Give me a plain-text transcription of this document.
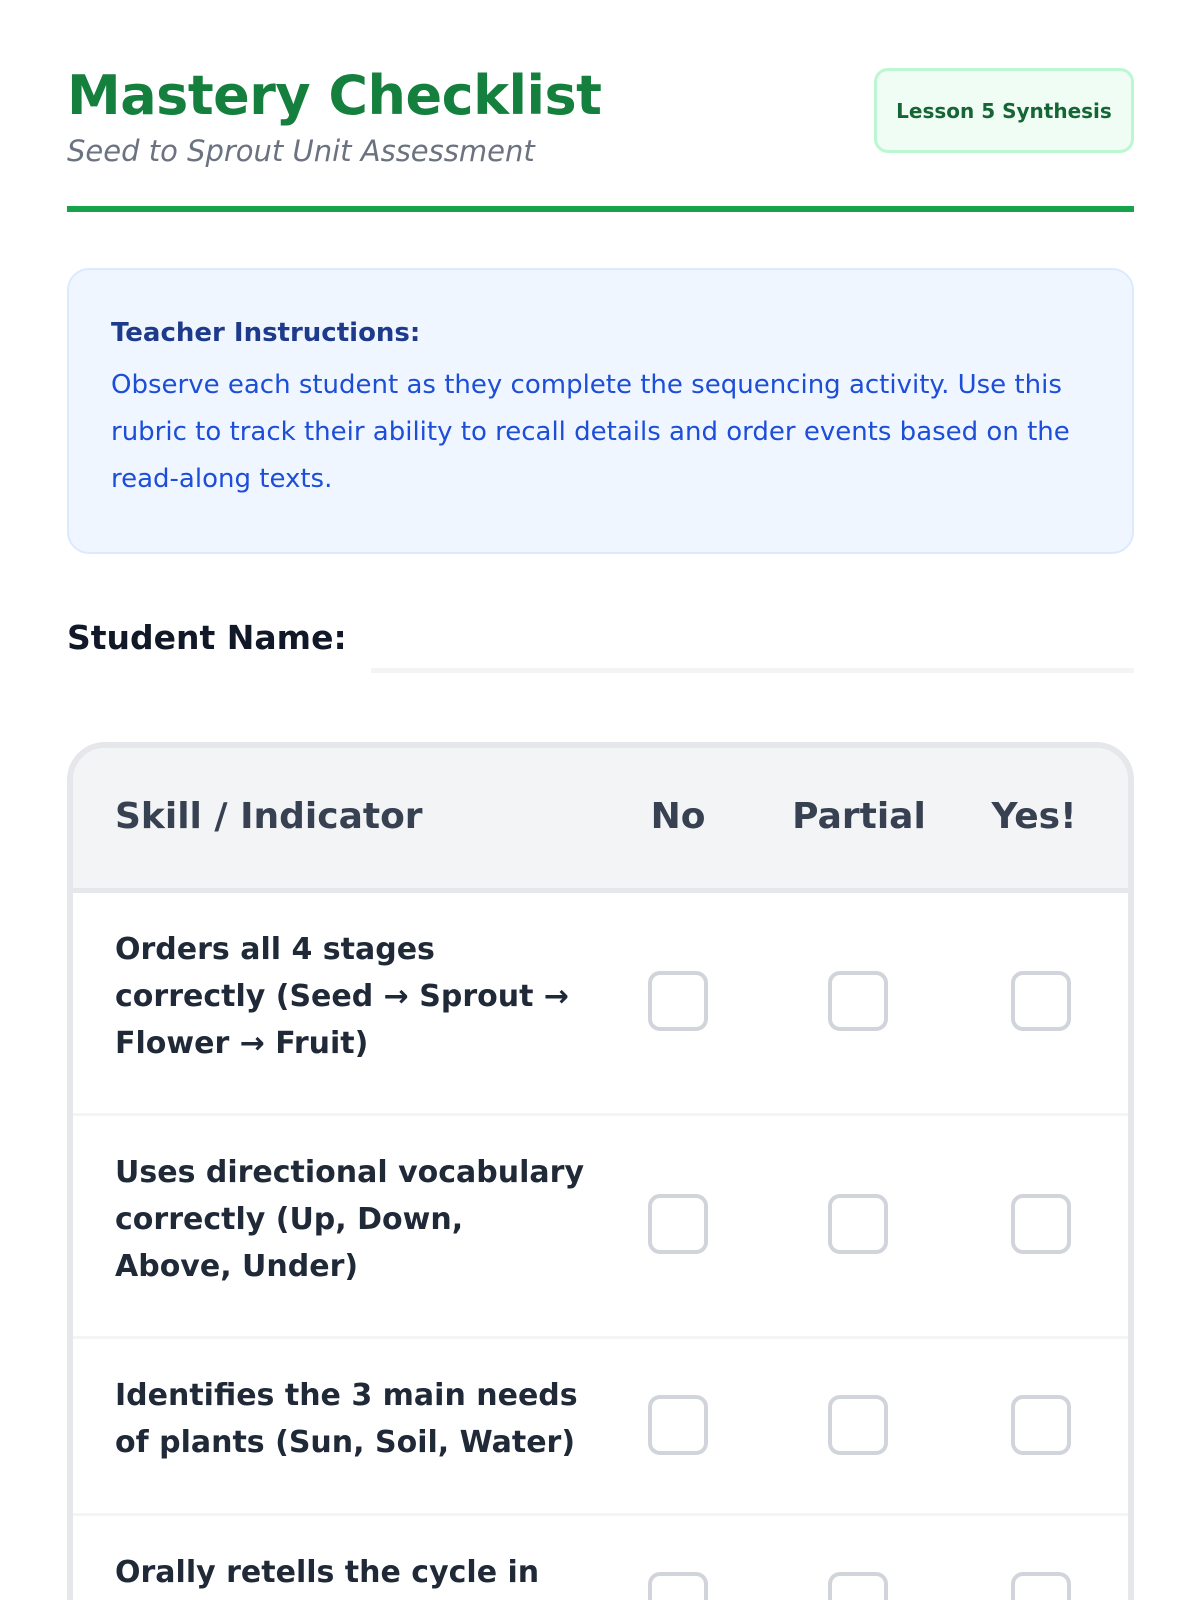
Mastery Checklist
Seed to Sprout Unit Assessment
Lesson 5 Synthesis

Teacher Instructions:

Observe each student as they complete the sequencing activity. Use this rubric to track their ability to recall details and order events based on the read-along texts.

Student Name:
Skill / Indicator	No	Partial	Yes!
Orders all 4 stages correctly (Seed → Sprout → Flower → Fruit)
Uses directional vocabulary correctly (Up, Down, Above, Under)
Identifies the 3 main needs of plants (Sun, Soil, Water)
Orally retells the cycle in
